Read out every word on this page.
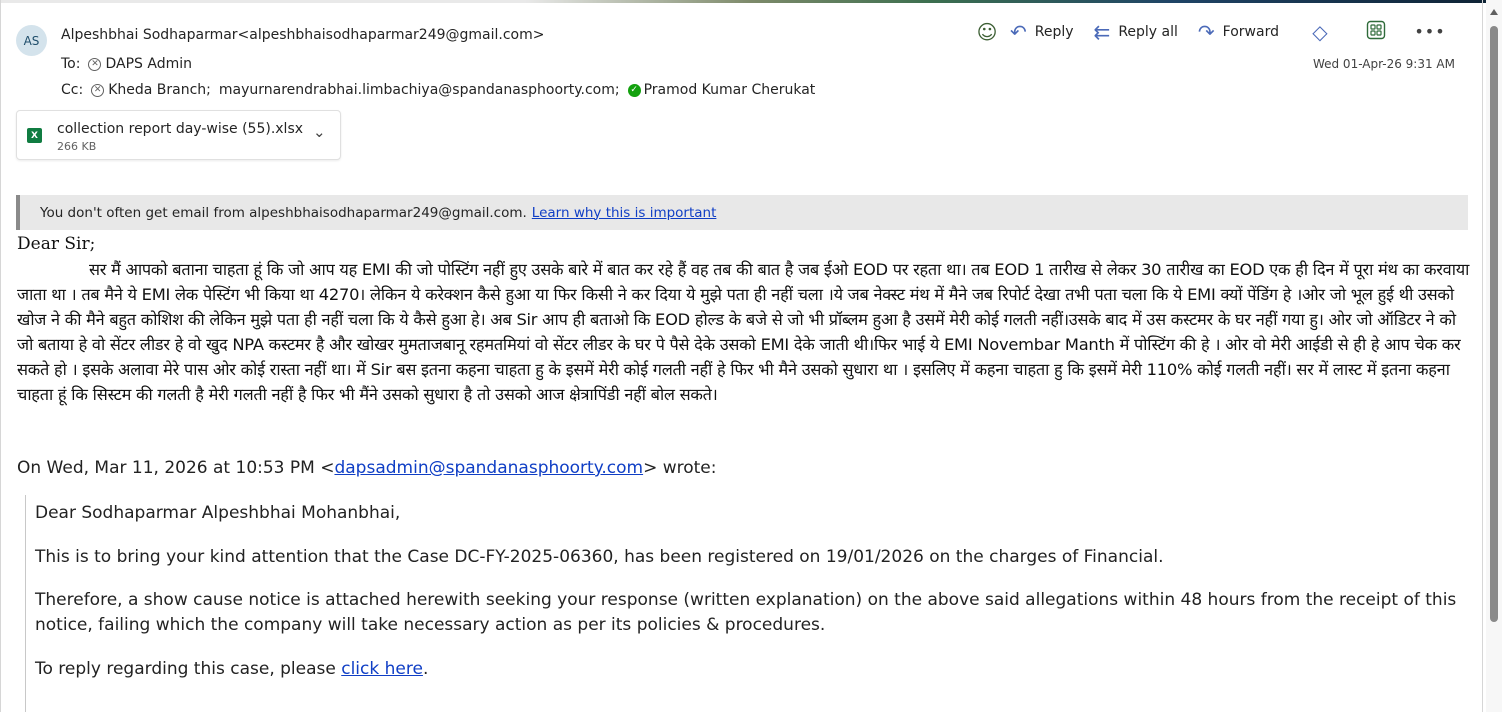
AS	Alpeshbhai Sodhaparmar<alpeshbhaisodhaparmar249@gmail.com>
To:	✕ DAPS Admin
Cc:	✕ Kheda Branch; mayurnarendrabhai.limbachiya@spandanasphoorty.com;	✓ Pramod Kumar Cherukat
Wed 01-Apr-26 9:31 AM
☺ ↶ Reply ⇇ Reply all ↷ Forward ◇	•••
X collection report day-wise (55).xlsx
266 KB
⌄
You don't often get email from alpeshbhaisodhaparmar249@gmail.com. Learn why this is important
Dear Sir;
सर मैं आपको बताना चाहता हूं कि जो आप यह EMI की जो पोस्टिंग नहीं हुए उसके बारे में बात कर रहे हैं वह तब की बात है जब ईओ EOD पर रहता था। तब EOD 1 तारीख से लेकर 30 तारीख का EOD एक ही दिन में पूरा मंथ का करवाया जाता था । तब मैने ये EMI लेक पेस्टिंग भी किया था 4270। लेकिन ये करेक्शन कैसे हुआ या फिर किसी ने कर दिया ये मुझे पता ही नहीं चला ।ये जब नेक्स्ट मंथ में मैने जब रिपोर्ट देखा तभी पता चला कि ये EMI क्यों पेंडिंग हे ।ओर जो भूल हुई थी उसको खोज ने की मैने बहुत कोशिश की लेकिन मुझे पता ही नहीं चला कि ये कैसे हुआ हे। अब Sir आप ही बताओ कि EOD होल्ड के बजे से जो भी प्रॉब्लम हुआ है उसमें मेरी कोई गलती नहीं।उसके बाद में उस कस्टमर के घर नहीं गया हु। ओर जो ऑडिटर ने को जो बताया हे वो सेंटर लीडर हे वो खुद NPA कस्टमर है और खोखर मुमताजबानू रहमतमियां वो सेंटर लीडर के घर पे पैसे देके उसको EMI देके जाती थी।फिर भाई ये EMI Novembar Manth में पोस्टिंग की हे । ओर वो मेरी आईडी से ही हे आप चेक कर सकते हो । इसके अलावा मेरे पास ओर कोई रास्ता नहीं था। में Sir बस इतना कहना चाहता हु के इसमें मेरी कोई गलती नहीं हे फिर भी मैने उसको सुधारा था । इसलिए में कहना चाहता हु कि इसमें मेरी 110% कोई गलती नहीं। सर में लास्ट में इतना कहना चाहता हूं कि सिस्टम की गलती है मेरी गलती नहीं है फिर भी मैंने उसको सुधारा है तो उसको आज क्षेत्रापिंडी नहीं बोल सकते।
On Wed, Mar 11, 2026 at 10:53 PM <dapsadmin@spandanasphoorty.com> wrote:
Dear Sodhaparmar Alpeshbhai Mohanbhai,
This is to bring your kind attention that the Case DC-FY-2025-06360, has been registered on 19/01/2026 on the charges of Financial.
Therefore, a show cause notice is attached herewith seeking your response (written explanation) on the above said allegations within 48 hours from the receipt of this notice, failing which the company will take necessary action as per its policies & procedures.
To reply regarding this case, please click here.
